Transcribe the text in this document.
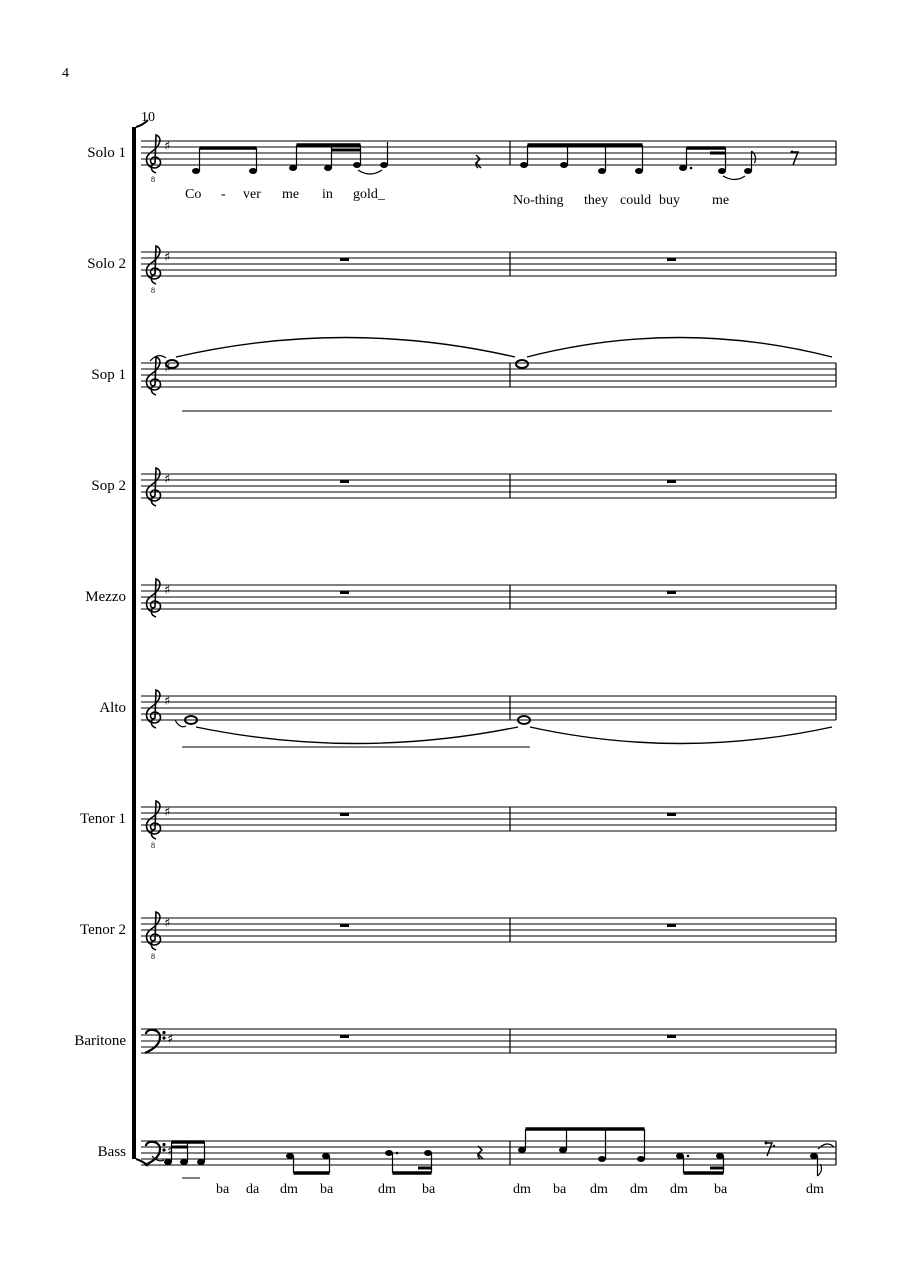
4
10
8
♯
8
♯
♯
♯
♯
♯
8
♯
8
♯
♯
♯
Solo 1
Solo 2
Sop 1
Sop 2
Mezzo
Alto
Tenor 1
Tenor 2
Baritone
Bass
Co - ver me in gold_	No-thing they could buy me
ba da dm ba	dm ba	dm ba dm dm dm ba	dm
